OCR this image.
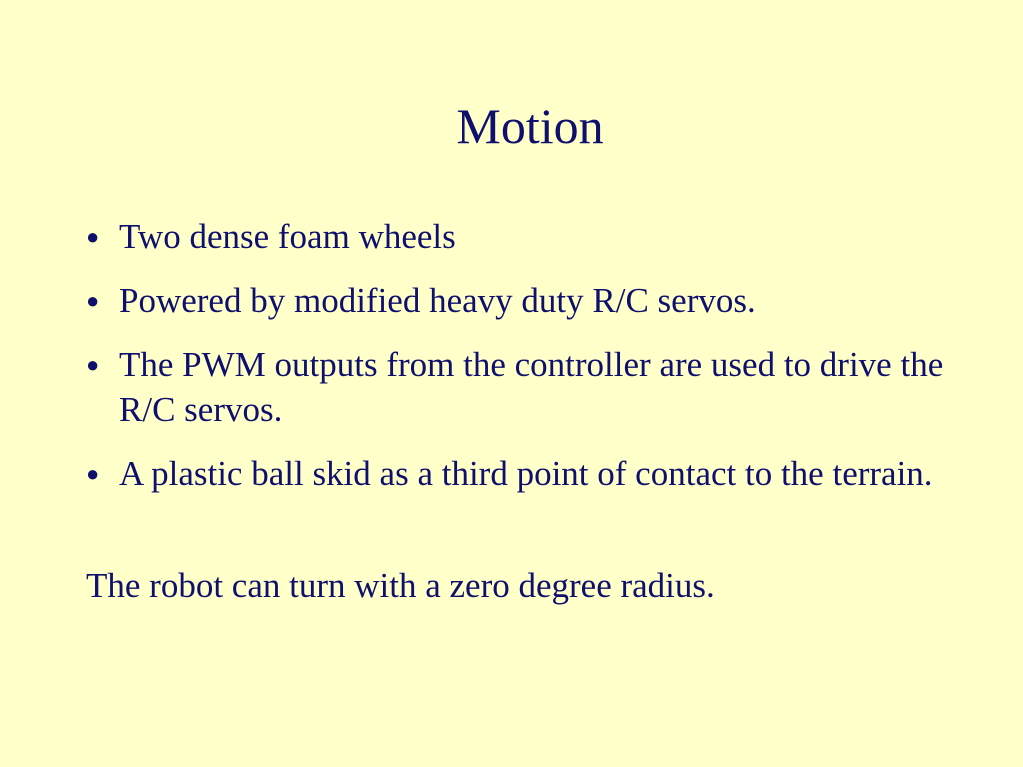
Motion
● Two dense foam wheels
● Powered by modified heavy duty R/C servos.
● The PWM outputs from the controller are used to drive the R/C servos.
● A plastic ball skid as a third point of contact to the terrain.
The robot can turn with a zero degree radius.
